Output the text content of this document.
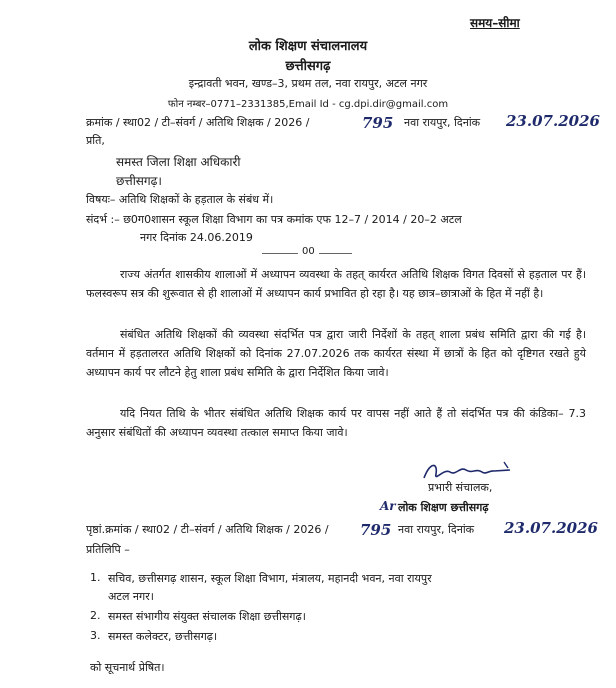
समय–सीमा
लोक शिक्षण संचालनालय
छत्तीसगढ़
इन्द्रावती भवन, खण्ड–3, प्रथम तल, नवा रायपुर, अटल नगर
फोन नम्बर–0771–2331385,Email Id - cg.dpi.dir@gmail.com
क्रमांक / स्था02 / टी–संवर्ग / अतिथि शिक्षक / 2026 /	795 नवा रायपुर, दिनांक 23.07.2026
प्रति,
समस्त जिला शिक्षा अधिकारी
छत्तीसगढ़।
विषयः– अतिथि शिक्षकों के हड़ताल के संबंध में।
संदर्भ :– छ0ग0शासन स्कूल शिक्षा विभाग का पत्र कमांक एफ 12–7 / 2014 / 20–2 अटल
नगर दिनांक 24.06.2019
00
राज्य अंतर्गत शासकीय शालाओं में अध्यापन व्यवस्था के तहत् कार्यरत अतिथि शिक्षक विगत दिवसों से हड़ताल पर हैं। फलस्वरूप सत्र की शुरूवात से ही शालाओं में अध्यापन कार्य प्रभावित हो रहा है। यह छात्र–छात्राओं के हित में नहीं है।
संबंधित अतिथि शिक्षकों की व्यवस्था संदर्भित पत्र द्वारा जारी निर्देशों के तहत् शाला प्रबंध समिति द्वारा की गई है। वर्तमान में हड़तालरत अतिथि शिक्षकों को दिनांक 27.07.2026 तक कार्यरत संस्था में छात्रों के हित को दृष्टिगत रखते हुये अध्यापन कार्य पर लौटने हेतु शाला प्रबंध समिति के द्वारा निर्देशित किया जावे।
यदि नियत तिथि के भीतर संबंधित अतिथि शिक्षक कार्य पर वापस नहीं आते हैं तो संदर्भित पत्र की कंडिका– 7.3 अनुसार संबंधितों की अध्यापन व्यवस्था तत्काल समाप्त किया जावे।
प्रभारी संचालक,
Ar लोक शिक्षण छत्तीसगढ़
पृष्ठां.क्रमांक / स्था02 / टी–संवर्ग / अतिथि शिक्षक / 2026 / 795 नवा रायपुर, दिनांक 23.07.2026
प्रतिलिपि –
1. सचिव, छत्तीसगढ़ शासन, स्कूल शिक्षा विभाग, मंत्रालय, महानदी भवन, नवा रायपुर
अटल नगर।
2. समस्त संभागीय संयुक्त संचालक शिक्षा छत्तीसगढ़।
3. समस्त कलेक्टर, छत्तीसगढ़।
को सूचनार्थ प्रेषित।
